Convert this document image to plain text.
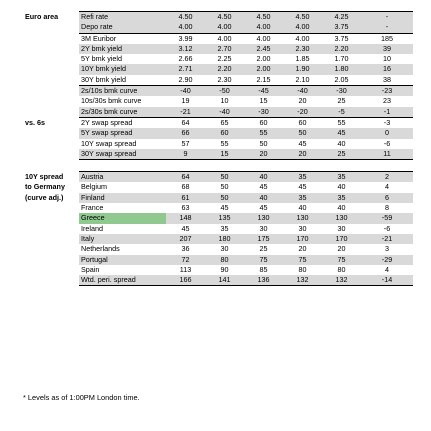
Euro area	Refi rate	4.50	4.50	4.50	4.50	4.25	-
	Depo rate	4.00	4.00	4.00	4.00	3.75	-
	3M Euribor	3.99	4.00	4.00	4.00	3.75	185
	2Y bmk yield	3.12	2.70	2.45	2.30	2.20	39
	5Y bmk yield	2.66	2.25	2.00	1.85	1.70	10
	10Y bmk yield	2.71	2.20	2.00	1.90	1.80	16
	30Y bmk yield	2.90	2.30	2.15	2.10	2.05	38
	2s/10s bmk curve	-40	-50	-45	-40	-30	-23
	10s/30s bmk curve	19	10	15	20	25	23
	2s/30s bmk curve	-21	-40	-30	-20	-5	-1
vs. 6s	2Y swap spread	64	65	60	60	55	-3
	5Y swap spread	66	60	55	50	45	0
	10Y swap spread	57	55	50	45	40	-6
	30Y swap spread	9	15	20	20	25	11

10Y spread	Austria	64	50	40	35	35	2
to Germany	Belgium	68	50	45	45	40	4
(curve adj.)	Finland	61	50	40	35	35	6
	France	63	45	45	40	40	8
	Greece	148	135	130	130	130	-59
	Ireland	45	35	30	30	30	-6
	Italy	207	180	175	170	170	-21
	Netherlands	36	30	25	20	20	3
	Portugal	72	80	75	75	75	-29
	Spain	113	90	85	80	80	4
	Wtd. peri. spread	166	141	136	132	132	-14
* Levels as of 1:00PM London time.
